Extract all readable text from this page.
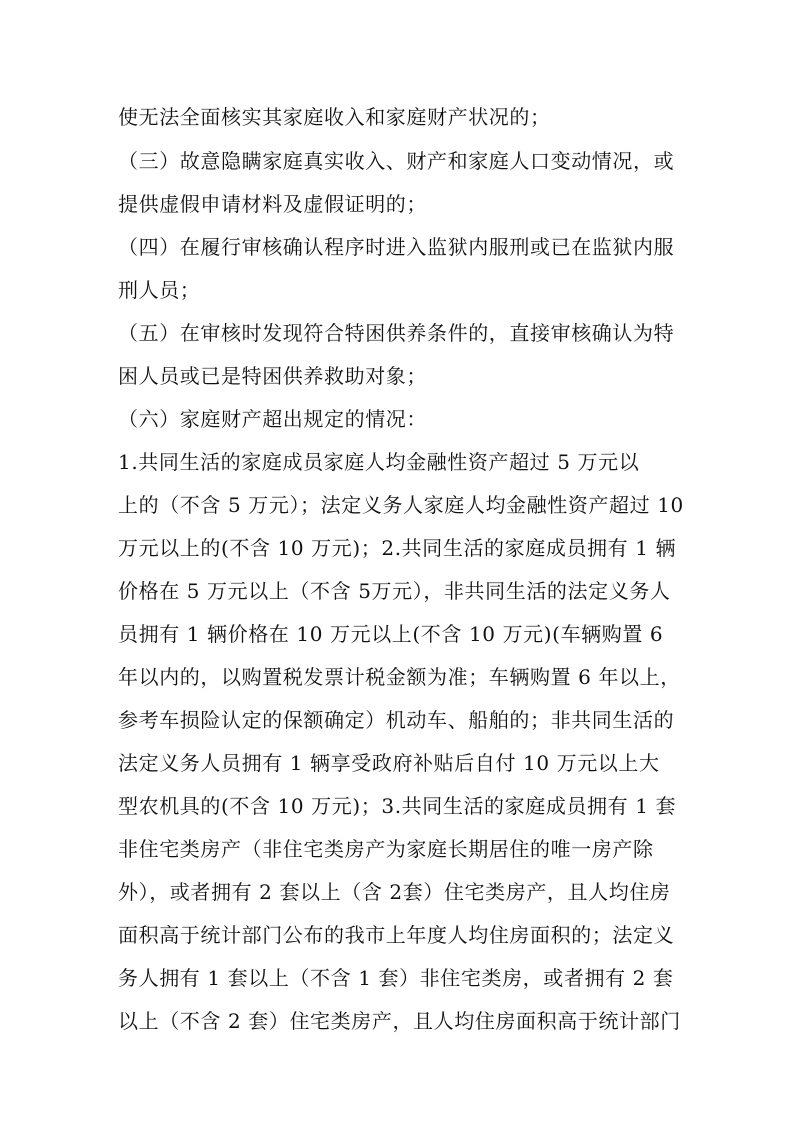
使无法全面核实其家庭收入和家庭财产状况的；
（三）故意隐瞒家庭真实收入、财产和家庭人口变动情况，或
提供虚假申请材料及虚假证明的；
（四）在履行审核确认程序时进入监狱内服刑或已在监狱内服
刑人员；
（五）在审核时发现符合特困供养条件的，直接审核确认为特
困人员或已是特困供养救助对象；
（六）家庭财产超出规定的情况：
1.共同生活的家庭成员家庭人均金融性资产超过 5 万元以
上的（不含 5 万元）；法定义务人家庭人均金融性资产超过 10
万元以上的(不含 10 万元)；2.共同生活的家庭成员拥有 1 辆
价格在 5 万元以上（不含 5万元），非共同生活的法定义务人
员拥有 1 辆价格在 10 万元以上(不含 10 万元)(车辆购置 6
年以内的，以购置税发票计税金额为准；车辆购置 6 年以上，
参考车损险认定的保额确定）机动车、船舶的；非共同生活的
法定义务人员拥有 1 辆享受政府补贴后自付 10 万元以上大
型农机具的(不含 10 万元)；3.共同生活的家庭成员拥有 1 套
非住宅类房产（非住宅类房产为家庭长期居住的唯一房产除
外），或者拥有 2 套以上（含 2套）住宅类房产，且人均住房
面积高于统计部门公布的我市上年度人均住房面积的；法定义
务人拥有 1 套以上（不含 1 套）非住宅类房，或者拥有 2 套
以上（不含 2 套）住宅类房产，且人均住房面积高于统计部门
